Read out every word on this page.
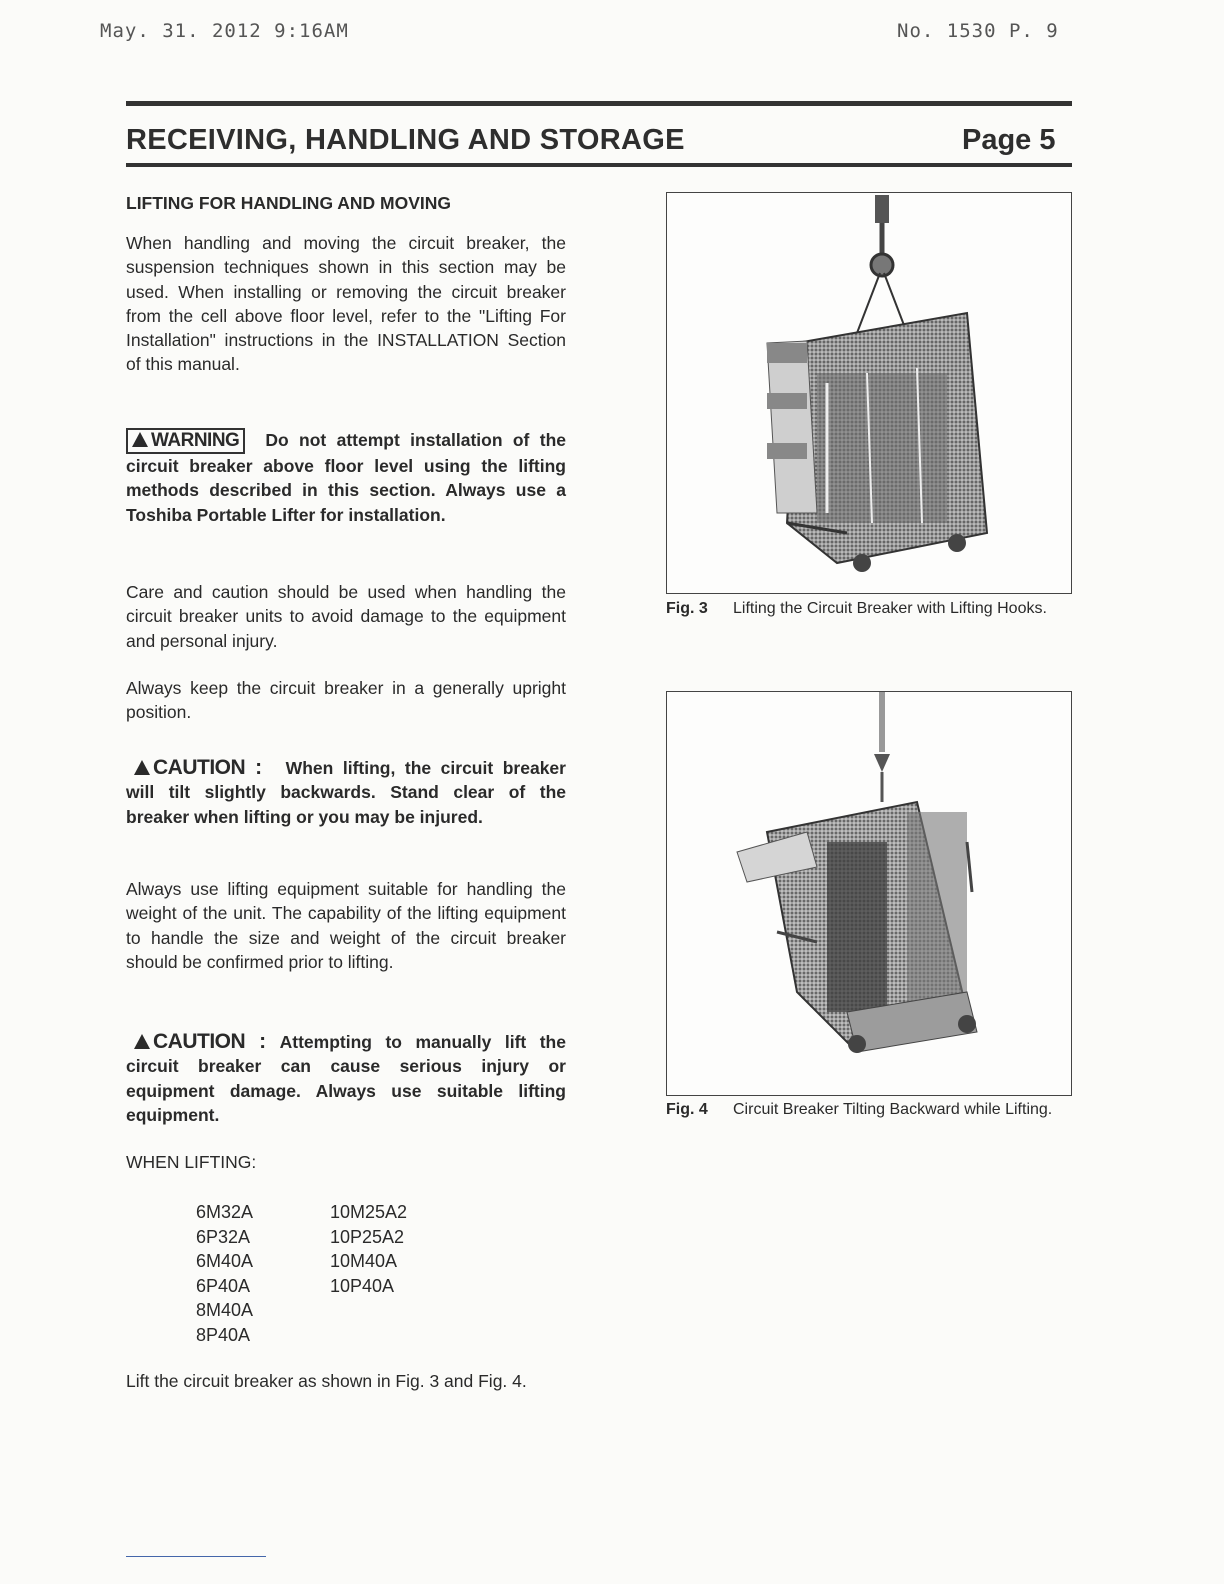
May. 31. 2012 9:16AM	No. 1530 P. 9
RECEIVING, HANDLING AND STORAGE	Page 5
LIFTING FOR HANDLING AND MOVING

When handling and moving the circuit breaker, the suspension techniques shown in this section may be used. When installing or removing the circuit breaker from the cell above floor level, refer to the "Lifting For Installation" instructions in the INSTALLATION Section of this manual.

WARNING Do not attempt installation of the circuit breaker above floor level using the lifting methods described in this section. Always use a Toshiba Portable Lifter for installation.

Care and caution should be used when handling the circuit breaker units to avoid damage to the equipment and personal injury.

Always keep the circuit breaker in a generally upright position.

CAUTION : When lifting, the circuit breaker will tilt slightly backwards. Stand clear of the breaker when lifting or you may be injured.

Always use lifting equipment suitable for handling the weight of the unit. The capability of the lifting equipment to handle the size and weight of the circuit breaker should be confirmed prior to lifting.

CAUTION : Attempting to manually lift the circuit breaker can cause serious injury or equipment damage. Always use suitable lifting equipment.

WHEN LIFTING:
6M32A
6P32A
6M40A
6P40A
8M40A
8P40A
10M25A2
10P25A2
10M40A
10P40A

Lift the circuit breaker as shown in Fig. 3 and Fig. 4.

Fig. 3 Lifting the Circuit Breaker with Lifting Hooks.
Fig. 4 Circuit Breaker Tilting Backward while Lifting.
